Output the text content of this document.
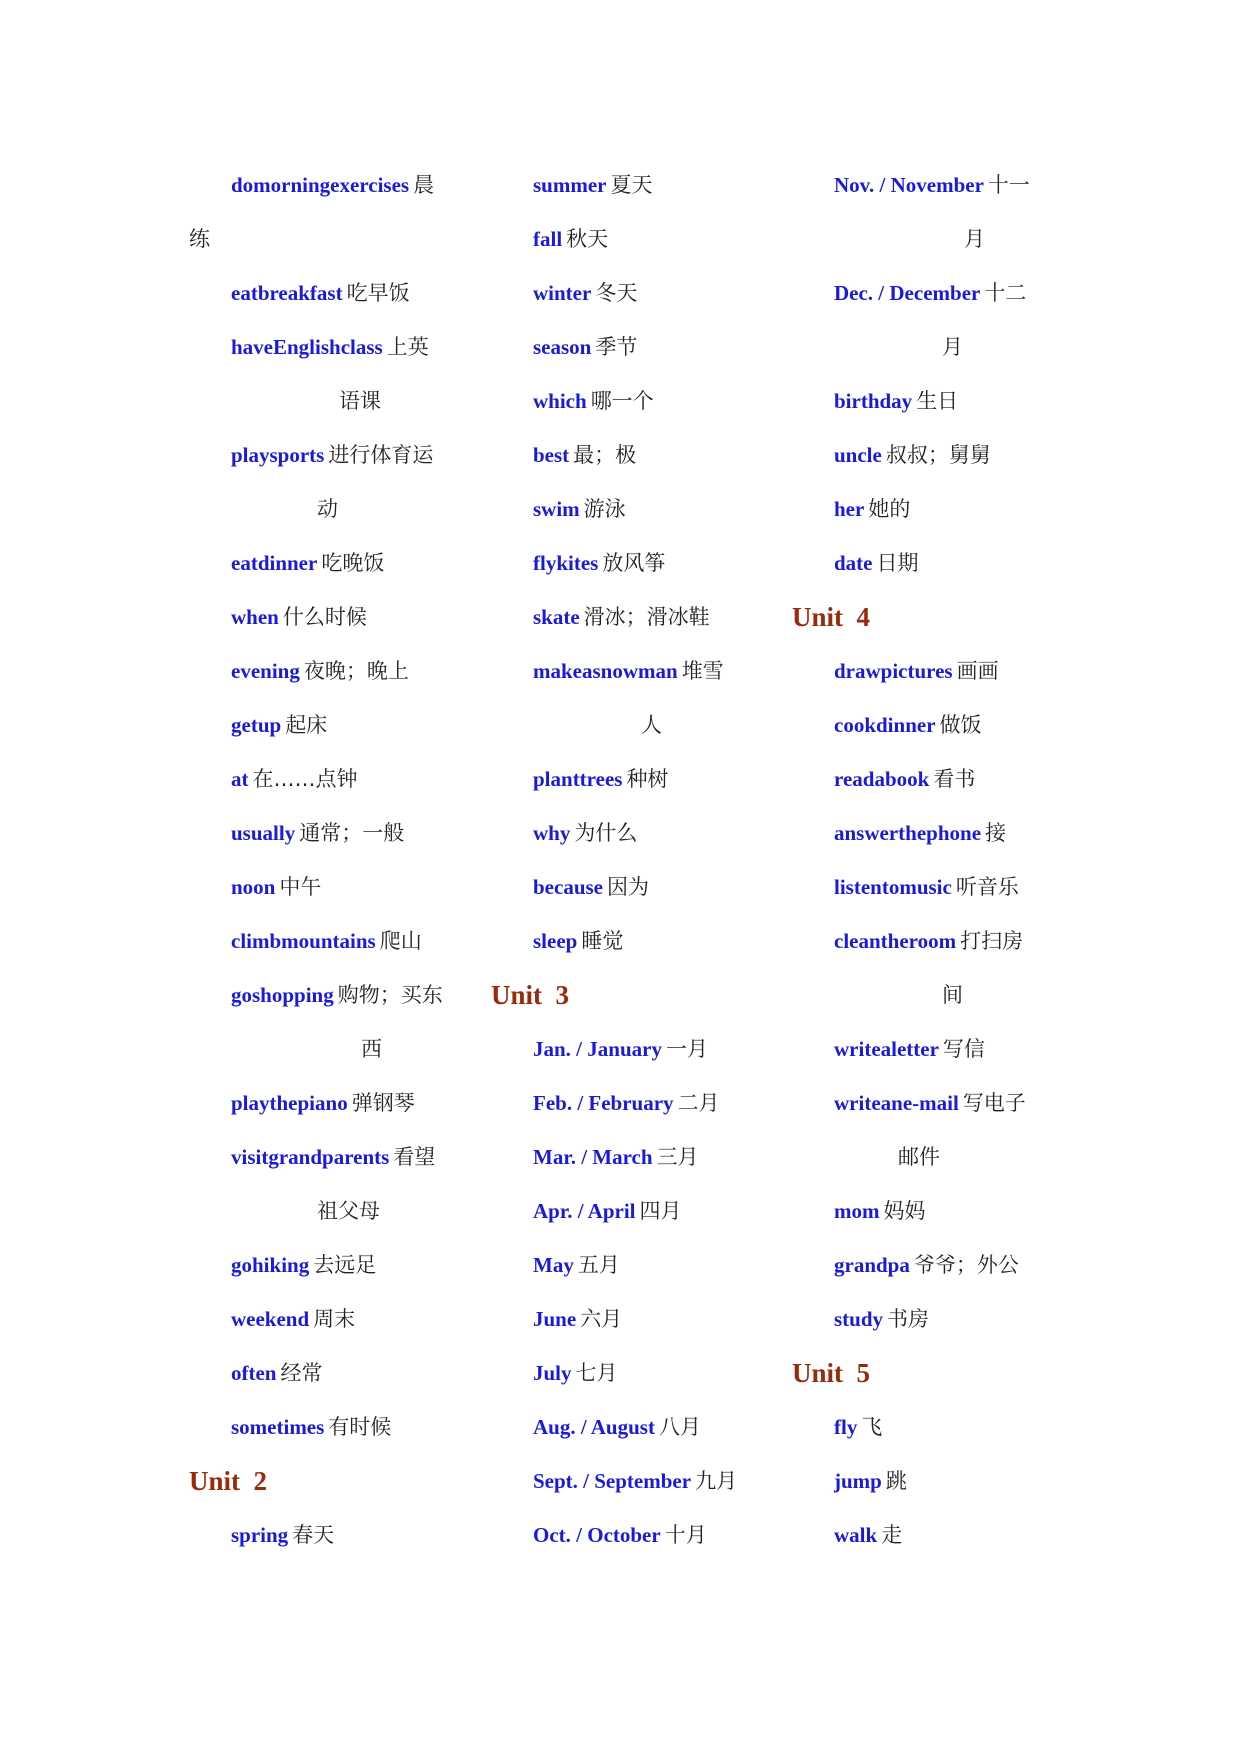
domorningexercises 晨
练
eatbreakfast 吃早饭
haveEnglishclass 上英
语课
playsports 进行体育运
动
eatdinner 吃晚饭
when 什么时候
evening 夜晚；晚上
getup 起床
at 在……点钟
usually 通常；一般
noon 中午
climbmountains 爬山
goshopping 购物；买东
西
playthepiano 弹钢琴
visitgrandparents 看望
祖父母
gohiking 去远足
weekend 周末
often 经常
sometimes 有时候
Unit  2
spring 春天
summer 夏天
fall 秋天
winter 冬天
season 季节
which 哪一个
best 最；极
swim 游泳
flykites 放风筝
skate 滑冰；滑冰鞋
makeasnowman 堆雪
人
planttrees 种树
why 为什么
because 因为
sleep 睡觉
Unit  3
Jan. / January 一月
Feb. / February 二月
Mar. / March 三月
Apr. / April 四月
May 五月
June 六月
July 七月
Aug. / August 八月
Sept. / September 九月
Oct. / October 十月
Nov. / November 十一
月
Dec. / December 十二
月
birthday 生日
uncle 叔叔；舅舅
her 她的
date 日期
Unit  4
drawpictures 画画
cookdinner 做饭
readabook 看书
answerthephone 接
listentomusic 听音乐
cleantheroom 打扫房
间
writealetter 写信
writeane-mail 写电子
邮件
mom 妈妈
grandpa 爷爷；外公
study 书房
Unit  5
fly 飞
jump 跳
walk 走
